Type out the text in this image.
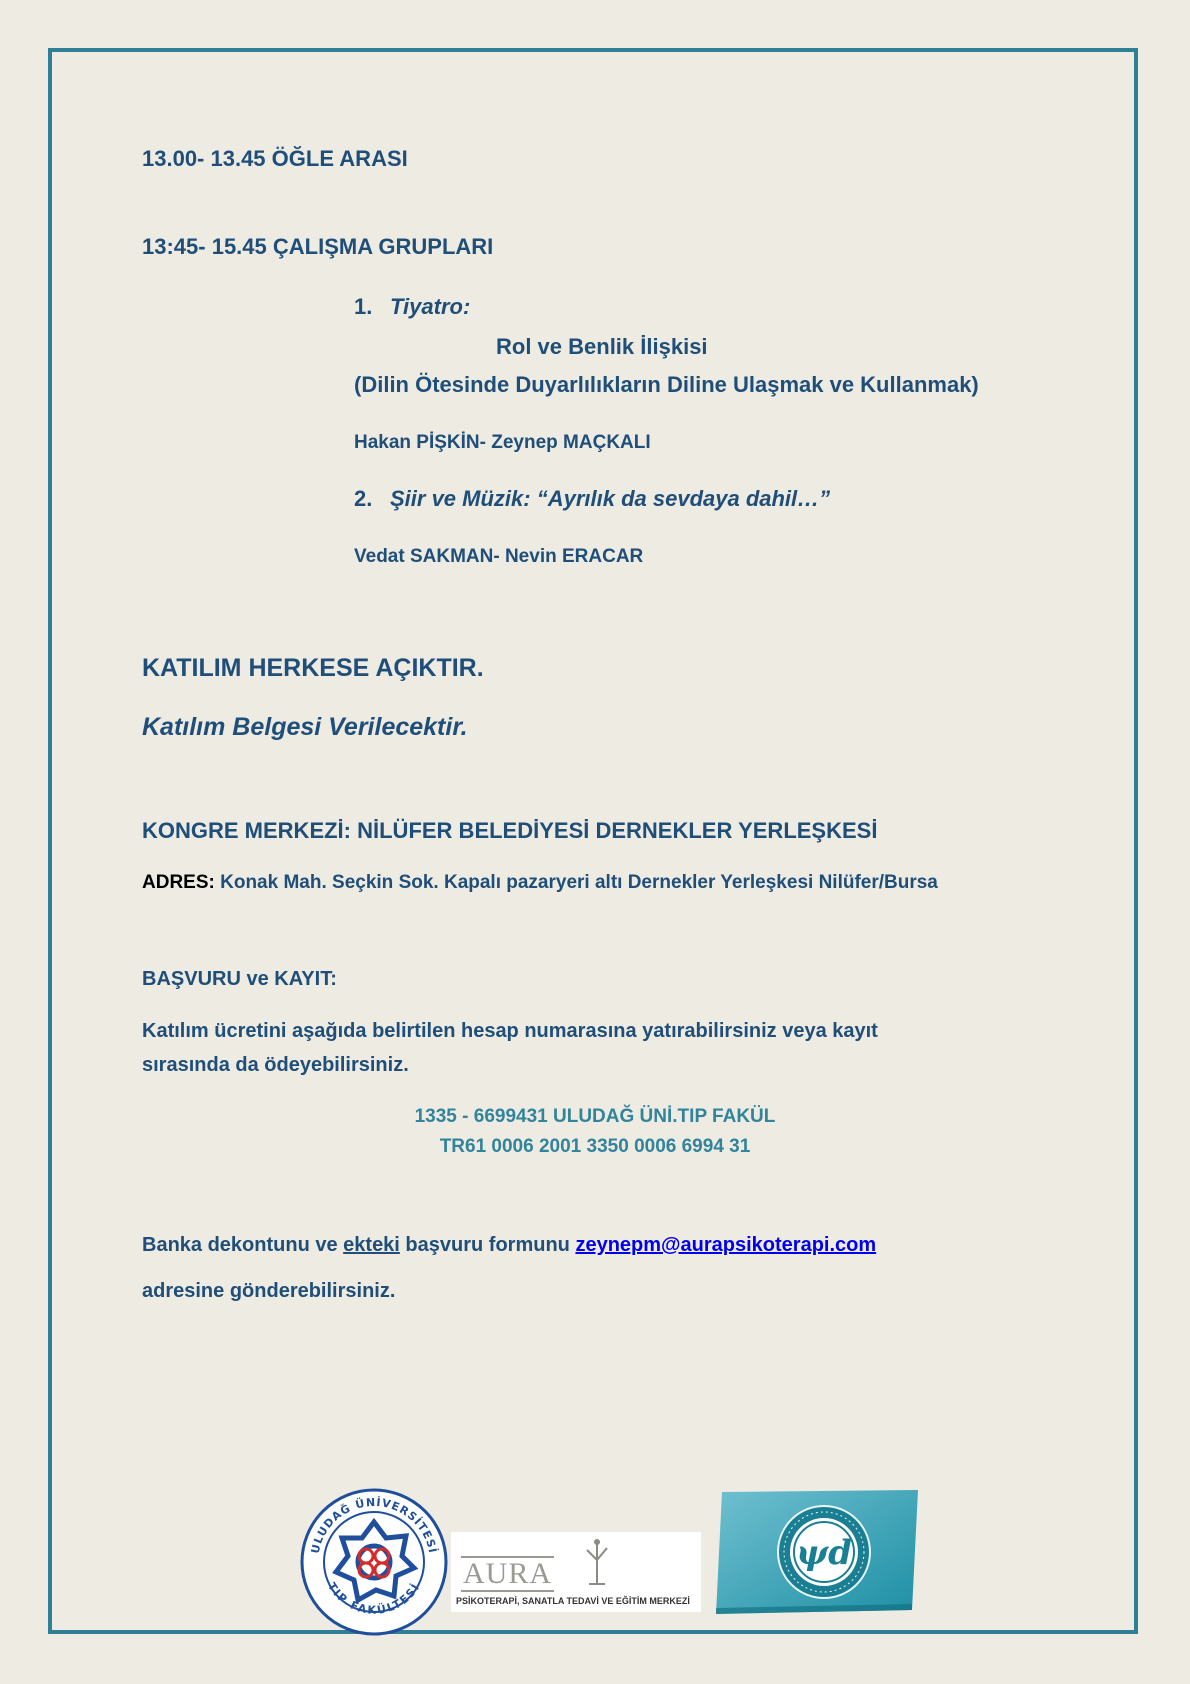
13.00- 13.45 ÖĞLE ARASI

13:45- 15.45 ÇALIŞMA GRUPLARI

1. Tiyatro:

Rol ve Benlik İlişkisi

(Dilin Ötesinde Duyarlılıkların Diline Ulaşmak ve Kullanmak)

Hakan PİŞKİN- Zeynep MAÇKALI

2. Şiir ve Müzik: “Ayrılık da sevdaya dahil…”

Vedat SAKMAN- Nevin ERACAR

KATILIM HERKESE AÇIKTIR.

Katılım Belgesi Verilecektir.

KONGRE MERKEZİ: NİLÜFER BELEDİYESİ DERNEKLER YERLEŞKESİ

ADRES: Konak Mah. Seçkin Sok. Kapalı pazaryeri altı Dernekler Yerleşkesi Nilüfer/Bursa

BAŞVURU ve KAYIT:

Katılım ücretini aşağıda belirtilen hesap numarasına yatırabilirsiniz veya kayıt

sırasında da ödeyebilirsiniz.

1335 - 6699431 ULUDAĞ ÜNİ.TIP FAKÜL

TR61 0006 2001 3350 0006 6994 31

Banka dekontunu ve ekteki başvuru formunu zeynepm@aurapsikoterapi.com

adresine gönderebilirsiniz.

ULUDAĞ ÜNİVERSİTESİ
TIP FAKÜLTESİ AURA
PSİKOTERAPİ, SANATLA TEDAVİ VE EĞİTİM MERKEZİ
ψd
